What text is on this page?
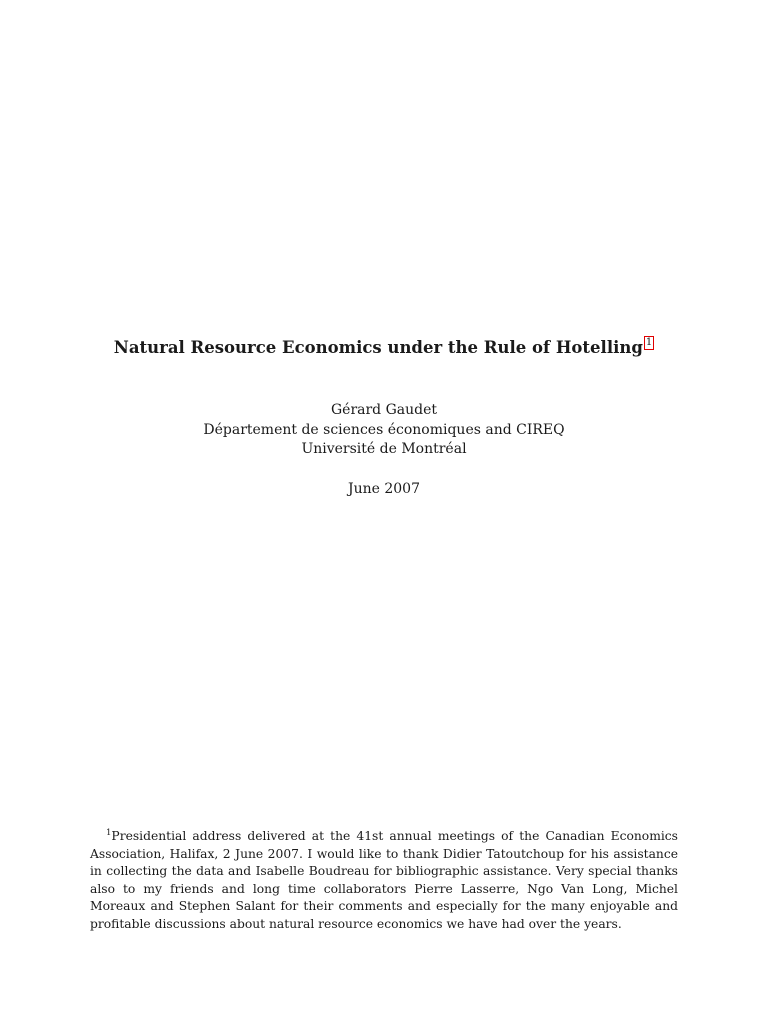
Natural Resource Economics under the Rule of Hotelling 1
Gérard Gaudet
Département de sciences économiques and CIREQ
Université de Montréal
June 2007
$^1$Presidential address delivered at the 41st annual meetings of the Canadian Economics Association, Halifax, 2 June 2007. I would like to thank Didier Tatoutchoup for his assistance in collecting the data and Isabelle Boudreau for bibliographic assistance. Very special thanks also to my friends and long time collaborators Pierre Lasserre, Ngo Van Long, Michel Moreaux and Stephen Salant for their comments and especially for the many enjoyable and profitable discussions about natural resource economics we have had over the years.
